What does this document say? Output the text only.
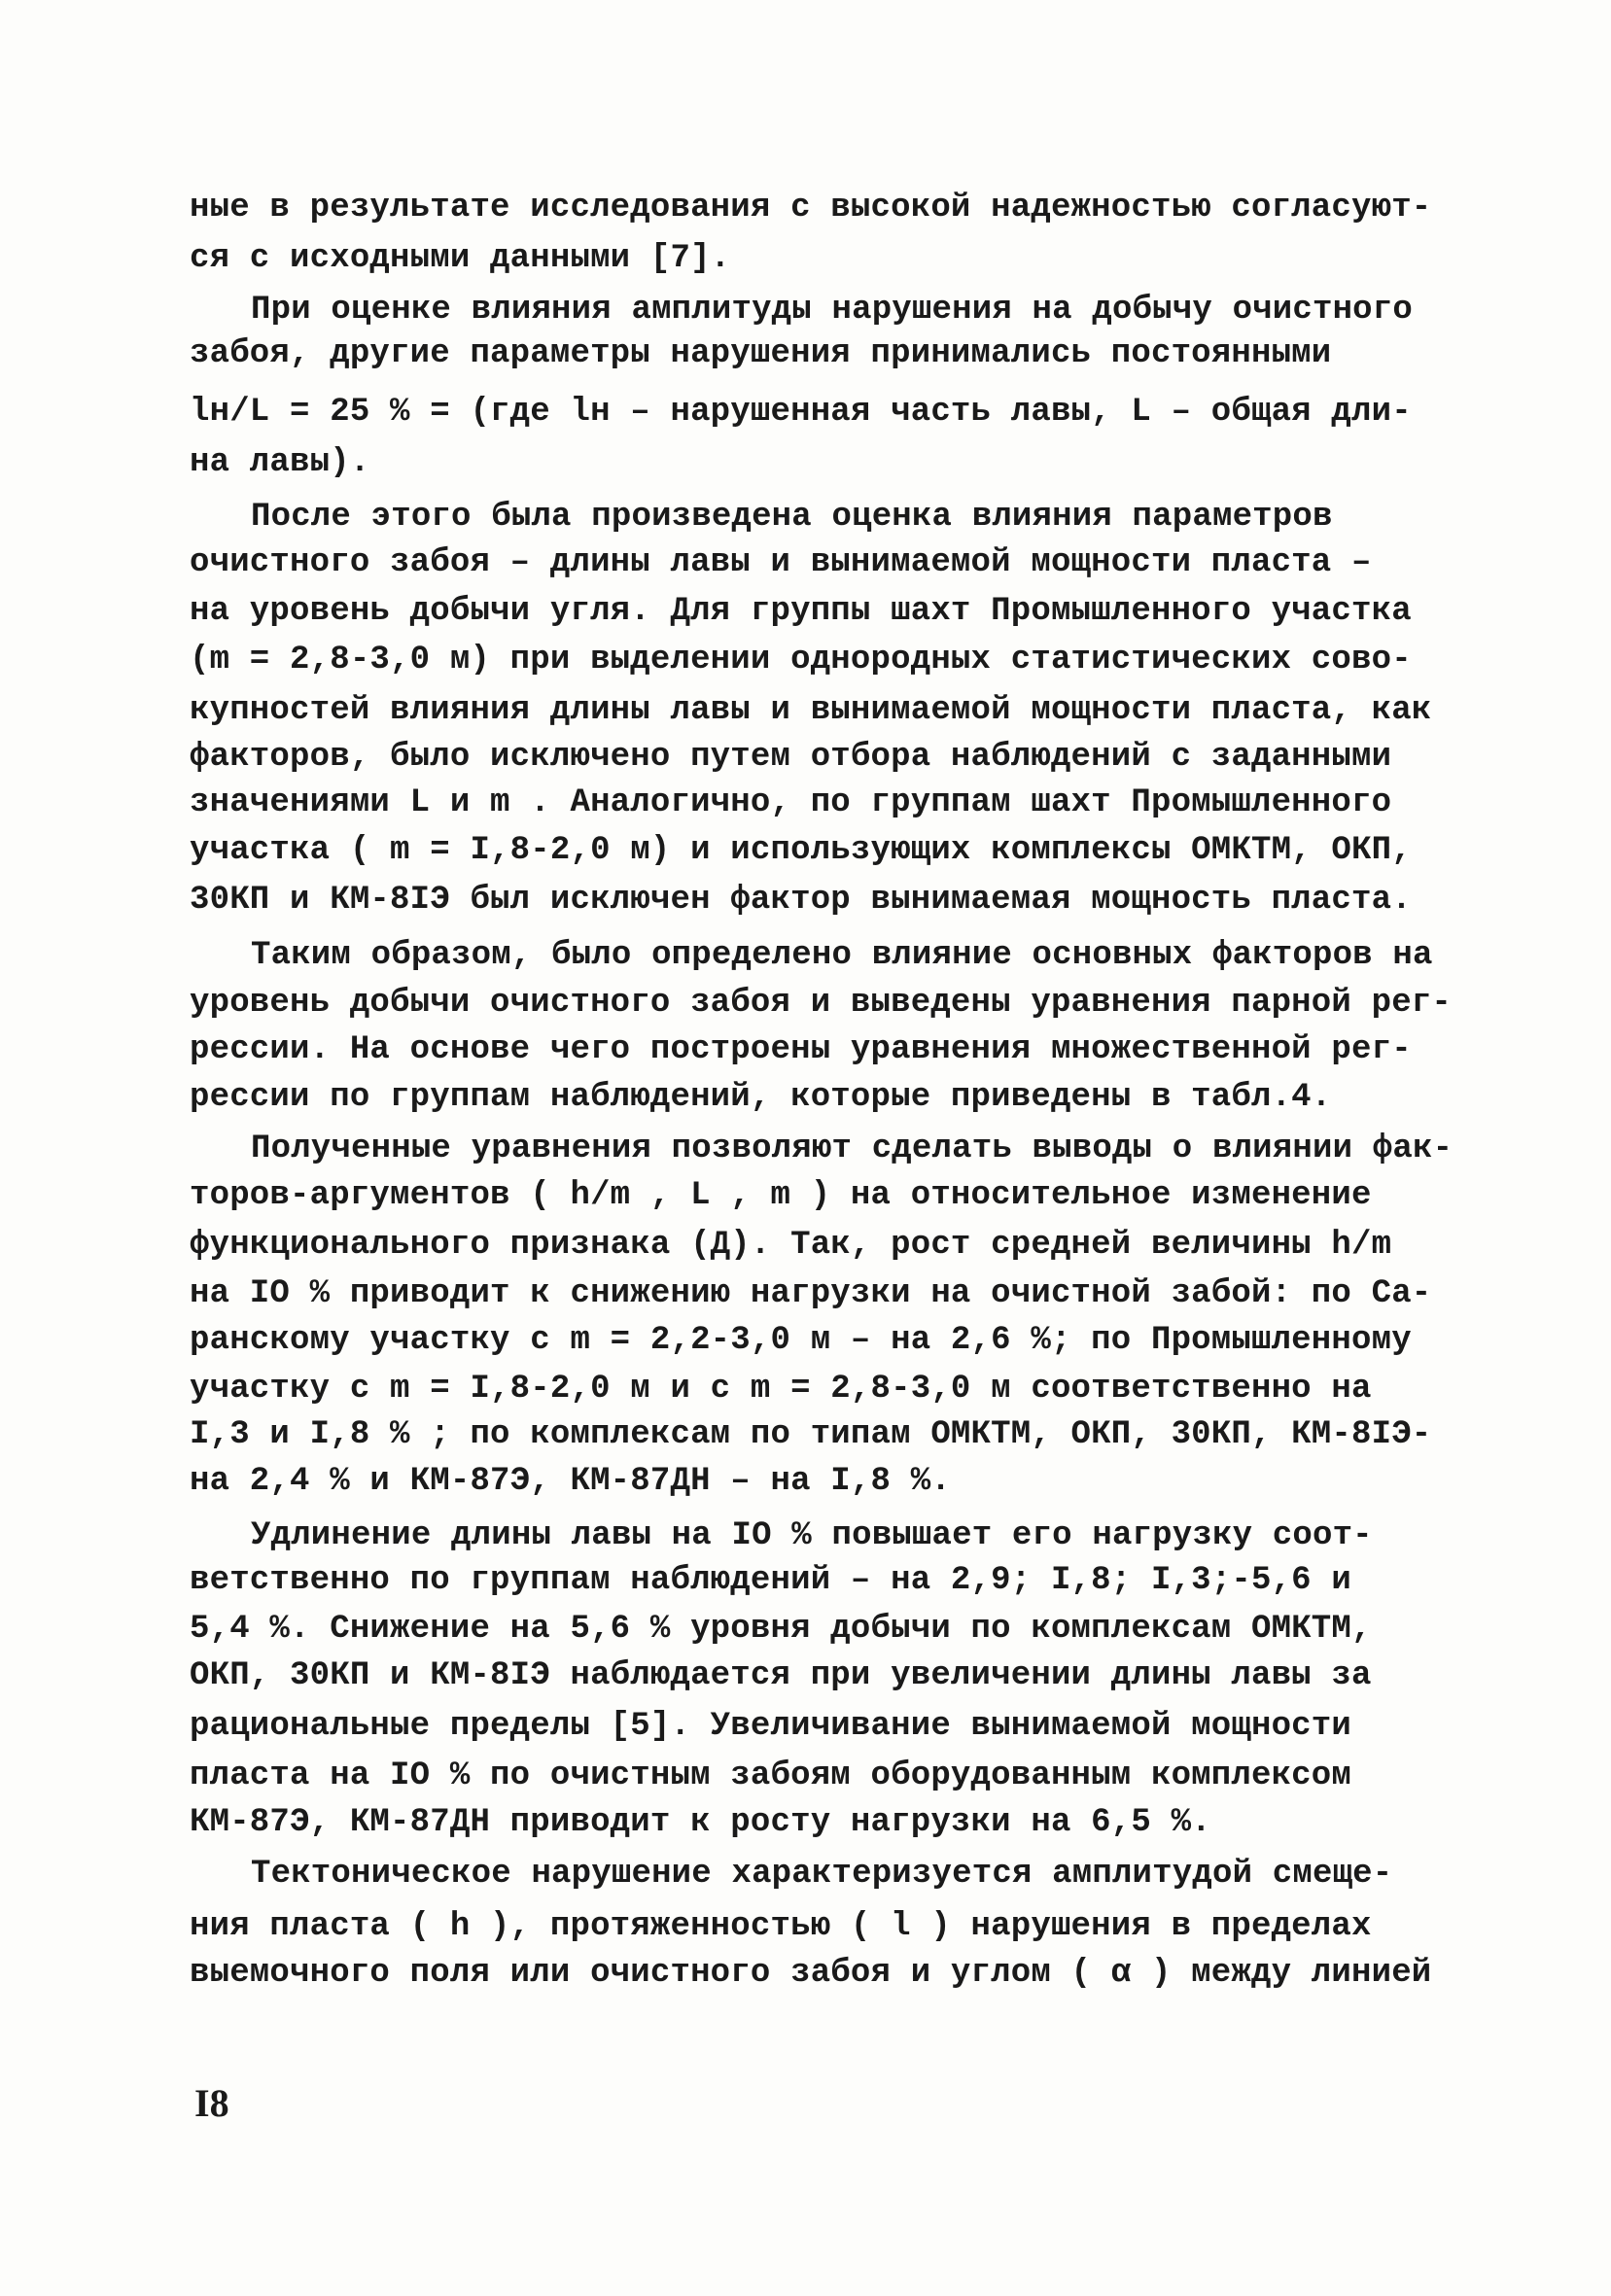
ные в результате исследования с высокой надежностью согласуют-
ся с исходными данными [7].
При оценке влияния амплитуды нарушения на добычу очистного
забоя, другие параметры нарушения принимались постоянными
lн/L = 25 % = (где lн – нарушенная часть лавы, L – общая дли-
на лавы).
После этого была произведена оценка влияния параметров
очистного забоя – длины лавы и вынимаемой мощности пласта –
на уровень добычи угля. Для группы шахт Промышленного участка
(m = 2,8-3,0 м) при выделении однородных статистических сово-
купностей влияния длины лавы и вынимаемой мощности пласта, как
факторов, было исключено путем отбора наблюдений с заданными
значениями L и m . Аналогично, по группам шахт Промышленного
участка ( m = I,8-2,0 м) и использующих комплексы ОМКТМ, ОКП,
30КП и КМ-8IЭ был исключен фактор вынимаемая мощность пласта.
Таким образом, было определено влияние основных факторов на
уровень добычи очистного забоя и выведены уравнения парной рег-
рессии. На основе чего построены уравнения множественной рег-
рессии по группам наблюдений, которые приведены в табл.4.
Полученные уравнения позволяют сделать выводы о влиянии фак-
торов-аргументов ( h/m , L , m ) на относительное изменение
функционального признака (Д). Так, рост средней величины h/m
на IO % приводит к снижению нагрузки на очистной забой: по Са-
ранскому участку с m = 2,2-3,0 м – на 2,6 %; по Промышленному
участку с m = I,8-2,0 м и с m = 2,8-3,0 м соответственно на
I,3 и I,8 % ; по комплексам по типам ОМКТМ, ОКП, 30КП, КМ-8IЭ-
на 2,4 % и КМ-87Э, КМ-87ДН – на I,8 %.
Удлинение длины лавы на IO % повышает его нагрузку соот-
ветственно по группам наблюдений – на 2,9; I,8; I,3;-5,6 и
5,4 %. Снижение на 5,6 % уровня добычи по комплексам ОМКТМ,
ОКП, 30КП и КМ-8IЭ наблюдается при увеличении длины лавы за
рациональные пределы [5]. Увеличивание вынимаемой мощности
пласта на IO % по очистным забоям оборудованным комплексом
КМ-87Э, КМ-87ДН приводит к росту нагрузки на 6,5 %.
Тектоническое нарушение характеризуется амплитудой смеще-
ния пласта ( h ), протяженностью ( l ) нарушения в пределах
выемочного поля или очистного забоя и углом ( α ) между линией
I8
